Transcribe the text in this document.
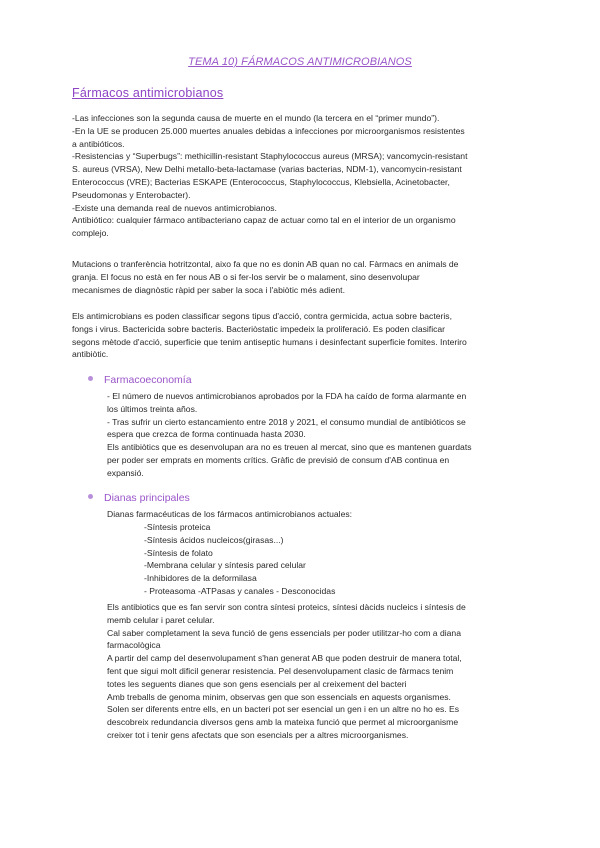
TEMA 10) FÁRMACOS ANTIMICROBIANOS
Fármacos antimicrobianos
-Las infecciones son la segunda causa de muerte en el mundo (la tercera en el “primer mundo”).
-En la UE se producen 25.000 muertes anuales debidas a infecciones por microorganismos resistentes
a antibióticos.
-Resistencias y “Superbugs”: methicillin-resistant Staphylococcus aureus (MRSA); vancomycin-resistant
S. aureus (VRSA), New Delhi metallo-beta-lactamase (varias bacterias, NDM-1), vancomycin-resistant
Enterococcus (VRE); Bacterias ESKAPE (Enterococcus, Staphylococcus, Klebsiella, Acinetobacter,
Pseudomonas y Enterobacter).
-Existe una demanda real de nuevos antimicrobianos.
Antibiótico: cualquier fármaco antibacteriano capaz de actuar como tal en el interior de un organismo
complejo.
Mutacions o tranferència hotritzontal, aixo fa que no es donin AB quan no cal. Fàrmacs en animals de
granja. El focus no està en fer nous AB o si fer-los servir be o malament, sino desenvolupar
mecanismes de diagnòstic ràpid per saber la soca i l'abiòtic més adient.
Els antimicrobians es poden classificar segons tipus d'acció, contra germicida, actua sobre bacteris,
fongs i virus. Bactericida sobre bacteris. Bacteriòstatic impedeix la proliferació. Es poden clasificar
segons mètode d'acció, superficie que tenim antiseptic humans i desinfectant superficie fomites. Interiro
antibiòtic.
Farmacoeconomía
- El número de nuevos antimicrobianos aprobados por la FDA ha caído de forma alarmante en
los últimos treinta años.
- Tras sufrir un cierto estancamiento entre 2018 y 2021, el consumo mundial de antibióticos se
espera que crezca de forma continuada hasta 2030.
Els antibiòtics que es desenvolupan ara no es treuen al mercat, sino que es mantenen guardats
per poder ser emprats en moments crítics. Gràfic de previsió de consum d'AB continua en
expansió.
Dianas principales
Dianas farmacéuticas de los fármacos antimicrobianos actuales:
-Síntesis proteica
-Síntesis ácidos nucleicos(girasas...)
-Síntesis de folato
-Membrana celular y síntesis pared celular
-Inhibidores de la deformilasa
- Proteasoma -ATPasas y canales - Desconocidas
Els antibiotics que es fan servir son contra síntesi proteics, síntesi dàcids nucleics i síntesis de
memb celular i paret celular.
Cal saber completament la seva funció de gens essencials per poder utilitzar-ho com a diana
farmacològica
A partir del camp del desenvolupament s'han generat AB que poden destruir de manera total,
fent que sigui molt dificil generar resistencia. Pel desenvolupament clasic de fàrmacs tenim
totes les seguents dianes que son gens esencials per al creixement del bacteri
Amb treballs de genoma minim, observas gen que son essencials en aquests organismes.
Solen ser diferents entre ells, en un bacteri pot ser esencial un gen i en un altre no ho es. Es
descobreix redundancia diversos gens amb la mateixa funció que permet al microorganisme
creixer tot i tenir gens afectats que son esencials per a altres microorganismes.
